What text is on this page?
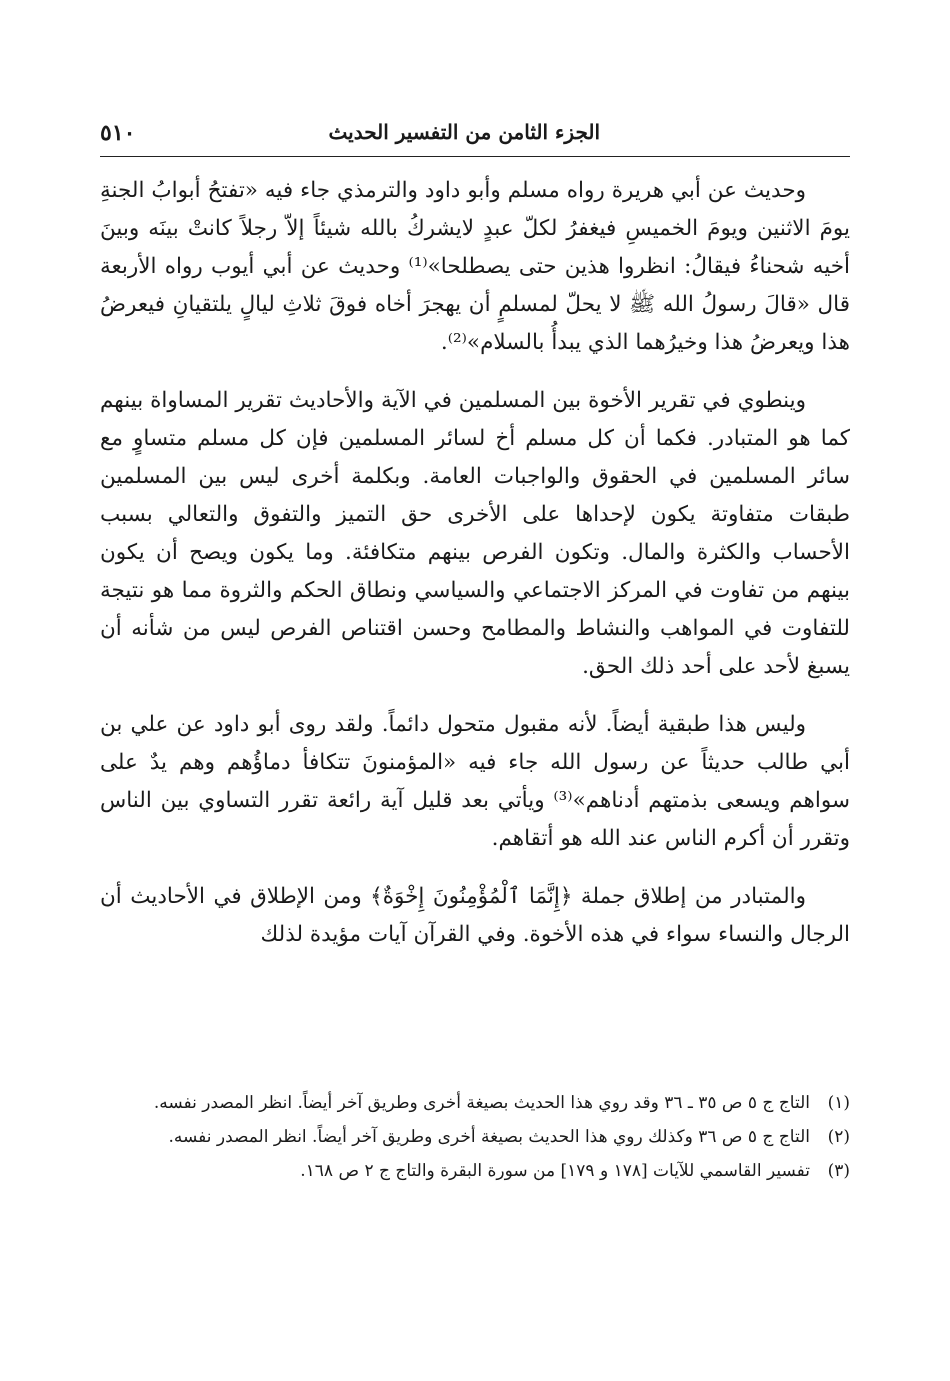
٥١٠	الجزء الثامن من التفسير الحديث

وحديث عن أبي هريرة رواه مسلم وأبو داود والترمذي جاء فيه «تفتحُ أبوابُ الجنةِ يومَ الاثنين ويومَ الخميسِ فيغفرُ لكلّ عبدٍ لايشركُ بالله شيئاً إلاّ رجلاً كانتْ بينَه وبينَ أخيه شحناءُ فيقالُ: انظروا هذين حتى يصطلحا»⁽¹⁾ وحديث عن أبي أيوب رواه الأربعة قال «قالَ رسولُ الله ﷺ لا يحلّ لمسلمٍ أن يهجرَ أخاه فوقَ ثلاثِ ليالٍ يلتقيانِ فيعرضُ هذا ويعرضُ هذا وخيرُهما الذي يبدأُ بالسلام»⁽²⁾.

وينطوي في تقرير الأخوة بين المسلمين في الآية والأحاديث تقرير المساواة بينهم كما هو المتبادر. فكما أن كل مسلم أخ لسائر المسلمين فإن كل مسلم متساوٍ مع سائر المسلمين في الحقوق والواجبات العامة. وبكلمة أخرى ليس بين المسلمين طبقات متفاوتة يكون لإحداها على الأخرى حق التميز والتفوق والتعالي بسبب الأحساب والكثرة والمال. وتكون الفرص بينهم متكافئة. وما يكون ويصح أن يكون بينهم من تفاوت في المركز الاجتماعي والسياسي ونطاق الحكم والثروة مما هو نتيجة للتفاوت في المواهب والنشاط والمطامح وحسن اقتناص الفرص ليس من شأنه أن يسبغ لأحد على أحد ذلك الحق.

وليس هذا طبقية أيضاً. لأنه مقبول متحول دائماً. ولقد روى أبو داود عن علي بن أبي طالب حديثاً عن رسول الله جاء فيه «المؤمنونَ تتكافأ دماؤُهم وهم يدٌ على سواهم ويسعى بذمتهم أدناهم»⁽³⁾ ويأتي بعد قليل آية رائعة تقرر التساوي بين الناس وتقرر أن أكرم الناس عند الله هو أتقاهم.

والمتبادر من إطلاق جملة ﴿إِنَّمَا ٱلْمُؤْمِنُونَ إِخْوَةٌ﴾ ومن الإطلاق في الأحاديث أن الرجال والنساء سواء في هذه الأخوة. وفي القرآن آيات مؤيدة لذلك

(١)
التاج ج ٥ ص ٣٥ ـ ٣٦ وقد روي هذا الحديث بصيغة أخرى وطريق آخر أيضاً. انظر المصدر نفسه.
(٢)
التاج ج ٥ ص ٣٦ وكذلك روي هذا الحديث بصيغة أخرى وطريق آخر أيضاً. انظر المصدر نفسه.
(٣)
تفسير القاسمي للآيات [١٧٨ و ١٧٩] من سورة البقرة والتاج ج ٢ ص ١٦٨.
